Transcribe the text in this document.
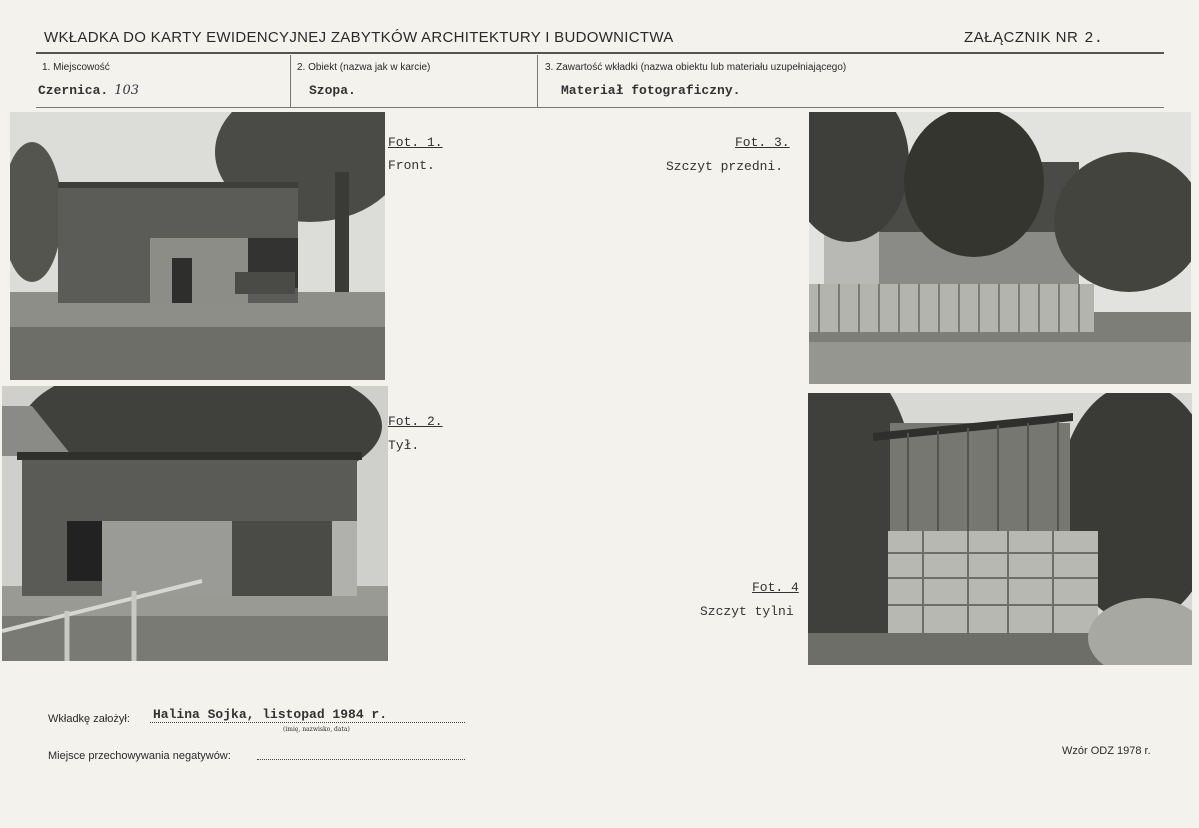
WKŁADKA DO KARTY EWIDENCYJNEJ ZABYTKÓW ARCHITEKTURY I BUDOWNICTWA	ZAŁĄCZNIK NR 2.
1. Miejscowość
Czernica. 103
2. Obiekt (nazwa jak w karcie)
Szopa.
3. Zawartość wkładki (nazwa obiektu lub materiału uzupełniającego)
Materiał fotograficzny.
Fot. 1.
Front.
Fot. 2.
Tył.
Fot. 3.
Szczyt przedni.
Fot. 4
Szczyt tylni
Wkładkę założył: Halina Sojka, listopad 1984 r.
(imię, nazwisko, data)
Miejsce przechowywania negatywów:	Wzór ODZ 1978 r.
